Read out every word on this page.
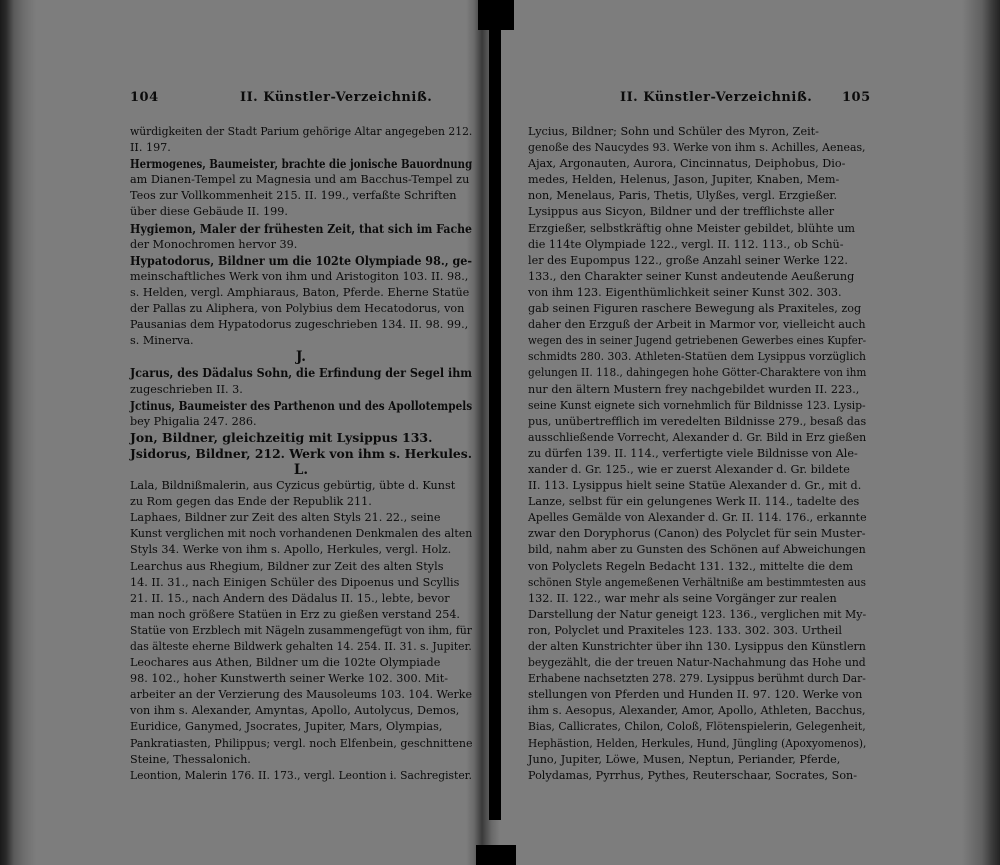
104	II. Künstler-Verzeichniß.	II. Künstler-Verzeichniß. 105
würdigkeiten der Stadt Parium gehörige Altar angegeben 212.
II. 197.
Hermogenes, Baumeister, brachte die jonische Bauordnung
am Dianen-Tempel zu Magnesia und am Bacchus-Tempel zu
Teos zur Vollkommenheit 215. II. 199., verfaßte Schriften
über diese Gebäude II. 199.
Hygiemon, Maler der frühesten Zeit, that sich im Fache
der Monochromen hervor 39.
Hypatodorus, Bildner um die 102te Olympiade 98., ge-
meinschaftliches Werk von ihm und Aristogiton 103. II. 98.,
s. Helden, vergl. Amphiaraus, Baton, Pferde. Eherne Statüe
der Pallas zu Aliphera, von Polybius dem Hecatodorus, von
Pausanias dem Hypatodorus zugeschrieben 134. II. 98. 99.,
s. Minerva.
J.
Jcarus, des Dädalus Sohn, die Erfindung der Segel ihm
zugeschrieben II. 3.
Jctinus, Baumeister des Parthenon und des Apollotempels
bey Phigalia 247. 286.
Jon, Bildner, gleichzeitig mit Lysippus 133.
Jsidorus, Bildner, 212. Werk von ihm s. Herkules.
L.
Lala, Bildnißmalerin, aus Cyzicus gebürtig, übte d. Kunst
zu Rom gegen das Ende der Republik 211.
Laphaes, Bildner zur Zeit des alten Styls 21. 22., seine
Kunst verglichen mit noch vorhandenen Denkmalen des alten
Styls 34. Werke von ihm s. Apollo, Herkules, vergl. Holz.
Learchus aus Rhegium, Bildner zur Zeit des alten Styls
14. II. 31., nach Einigen Schüler des Dipoenus und Scyllis
21. II. 15., nach Andern des Dädalus II. 15., lebte, bevor
man noch größere Statüen in Erz zu gießen verstand 254.
Statüe von Erzblech mit Nägeln zusammengefügt von ihm, für
das älteste eherne Bildwerk gehalten 14. 254. II. 31. s. Jupiter.
Leochares aus Athen, Bildner um die 102te Olympiade
98. 102., hoher Kunstwerth seiner Werke 102. 300. Mit-
arbeiter an der Verzierung des Mausoleums 103. 104. Werke
von ihm s. Alexander, Amyntas, Apollo, Autolycus, Demos,
Euridice, Ganymed, Jsocrates, Jupiter, Mars, Olympias,
Pankratiasten, Philippus; vergl. noch Elfenbein, geschnittene
Steine, Thessalonich.
Leontion, Malerin 176. II. 173., vergl. Leontion i. Sachregister.
Lycius, Bildner; Sohn und Schüler des Myron, Zeit-
genoße des Naucydes 93. Werke von ihm s. Achilles, Aeneas,
Ajax, Argonauten, Aurora, Cincinnatus, Deiphobus, Dio-
medes, Helden, Helenus, Jason, Jupiter, Knaben, Mem-
non, Menelaus, Paris, Thetis, Ulyßes, vergl. Erzgießer.
Lysippus aus Sicyon, Bildner und der trefflichste aller
Erzgießer, selbstkräftig ohne Meister gebildet, blühte um
die 114te Olympiade 122., vergl. II. 112. 113., ob Schü-
ler des Eupompus 122., große Anzahl seiner Werke 122.
133., den Charakter seiner Kunst andeutende Aeußerung
von ihm 123. Eigenthümlichkeit seiner Kunst 302. 303.
gab seinen Figuren raschere Bewegung als Praxiteles, zog
daher den Erzguß der Arbeit in Marmor vor, vielleicht auch
wegen des in seiner Jugend getriebenen Gewerbes eines Kupfer-
schmidts 280. 303. Athleten-Statüen dem Lysippus vorzüglich
gelungen II. 118., dahingegen hohe Götter-Charaktere von ihm
nur den ältern Mustern frey nachgebildet wurden II. 223.,
seine Kunst eignete sich vornehmlich für Bildnisse 123. Lysip-
pus, unübertrefflich im veredelten Bildnisse 279., besaß das
ausschließende Vorrecht, Alexander d. Gr. Bild in Erz gießen
zu dürfen 139. II. 114., verfertigte viele Bildnisse von Ale-
xander d. Gr. 125., wie er zuerst Alexander d. Gr. bildete
II. 113. Lysippus hielt seine Statüe Alexander d. Gr., mit d.
Lanze, selbst für ein gelungenes Werk II. 114., tadelte des
Apelles Gemälde von Alexander d. Gr. II. 114. 176., erkannte
zwar den Doryphorus (Canon) des Polyclet für sein Muster-
bild, nahm aber zu Gunsten des Schönen auf Abweichungen
von Polyclets Regeln Bedacht 131. 132., mittelte die dem
schönen Style angemeßenen Verhältniße am bestimmtesten aus
132. II. 122., war mehr als seine Vorgänger zur realen
Darstellung der Natur geneigt 123. 136., verglichen mit My-
ron, Polyclet und Praxiteles 123. 133. 302. 303. Urtheil
der alten Kunstrichter über ihn 130. Lysippus den Künstlern
beygezählt, die der treuen Natur-Nachahmung das Hohe und
Erhabene nachsetzten 278. 279. Lysippus berühmt durch Dar-
stellungen von Pferden und Hunden II. 97. 120. Werke von
ihm s. Aesopus, Alexander, Amor, Apollo, Athleten, Bacchus,
Bias, Callicrates, Chilon, Coloß, Flötenspielerin, Gelegenheit,
Hephästion, Helden, Herkules, Hund, Jüngling (Apoxyomenos),
Juno, Jupiter, Löwe, Musen, Neptun, Periander, Pferde,
Polydamas, Pyrrhus, Pythes, Reuterschaar, Socrates, Son-
